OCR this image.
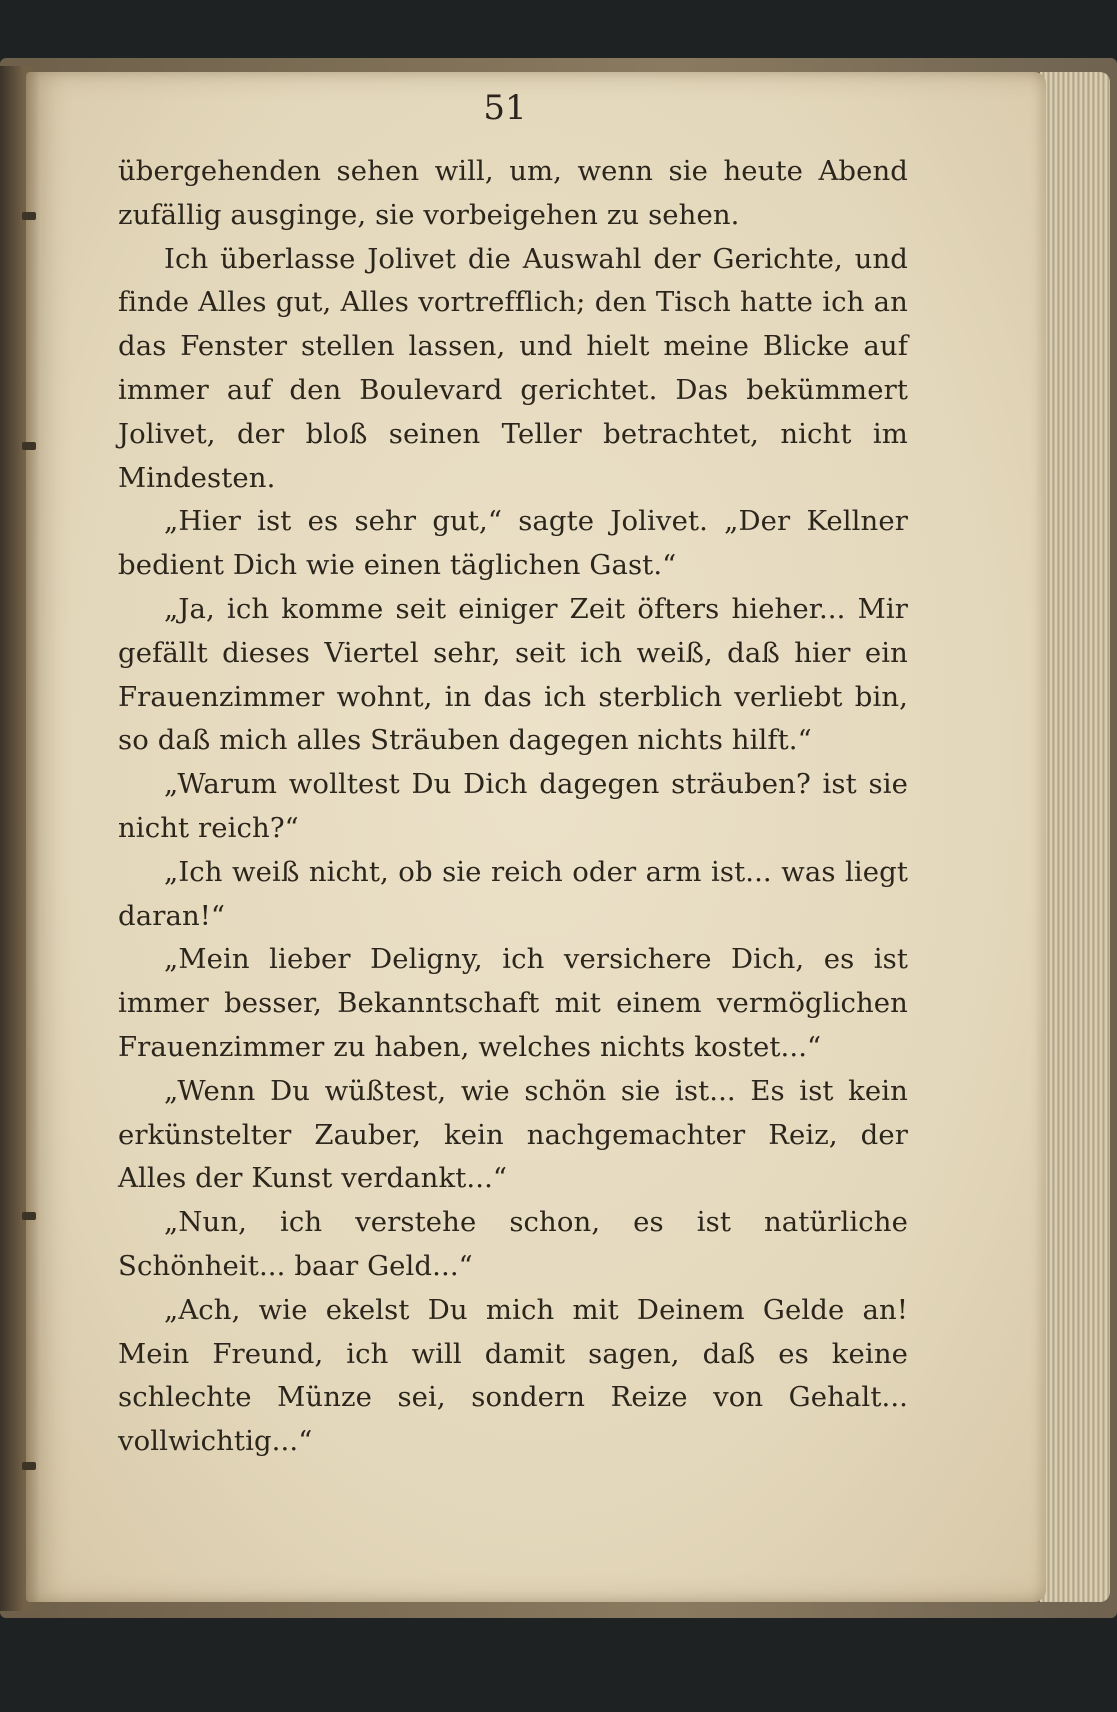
51

übergehenden sehen will, um, wenn sie heute Abend zufällig ausginge, sie vorbeigehen zu sehen.

Ich überlasse Jolivet die Auswahl der Gerichte, und finde Alles gut, Alles vortrefflich; den Tisch hatte ich an das Fenster stellen lassen, und hielt meine Blicke auf immer auf den Boulevard gerichtet. Das bekümmert Jolivet, der bloß seinen Teller betrachtet, nicht im Mindesten.

„Hier ist es sehr gut,“ sagte Jolivet. „Der Kellner bedient Dich wie einen täglichen Gast.“

„Ja, ich komme seit einiger Zeit öfters hieher... Mir gefällt dieses Viertel sehr, seit ich weiß, daß hier ein Frauenzimmer wohnt, in das ich sterblich verliebt bin, so daß mich alles Sträuben dagegen nichts hilft.“

„Warum wolltest Du Dich dagegen sträuben? ist sie nicht reich?“

„Ich weiß nicht, ob sie reich oder arm ist... was liegt daran!“

„Mein lieber Deligny, ich versichere Dich, es ist immer besser, Bekanntschaft mit einem vermöglichen Frauenzimmer zu haben, welches nichts kostet...“

„Wenn Du wüßtest, wie schön sie ist... Es ist kein erkünstelter Zauber, kein nachgemachter Reiz, der Alles der Kunst verdankt...“

„Nun, ich verstehe schon, es ist natürliche Schönheit... baar Geld...“

„Ach, wie ekelst Du mich mit Deinem Gelde an! Mein Freund, ich will damit sagen, daß es keine schlechte Münze sei, sondern Reize von Gehalt... vollwichtig...“
